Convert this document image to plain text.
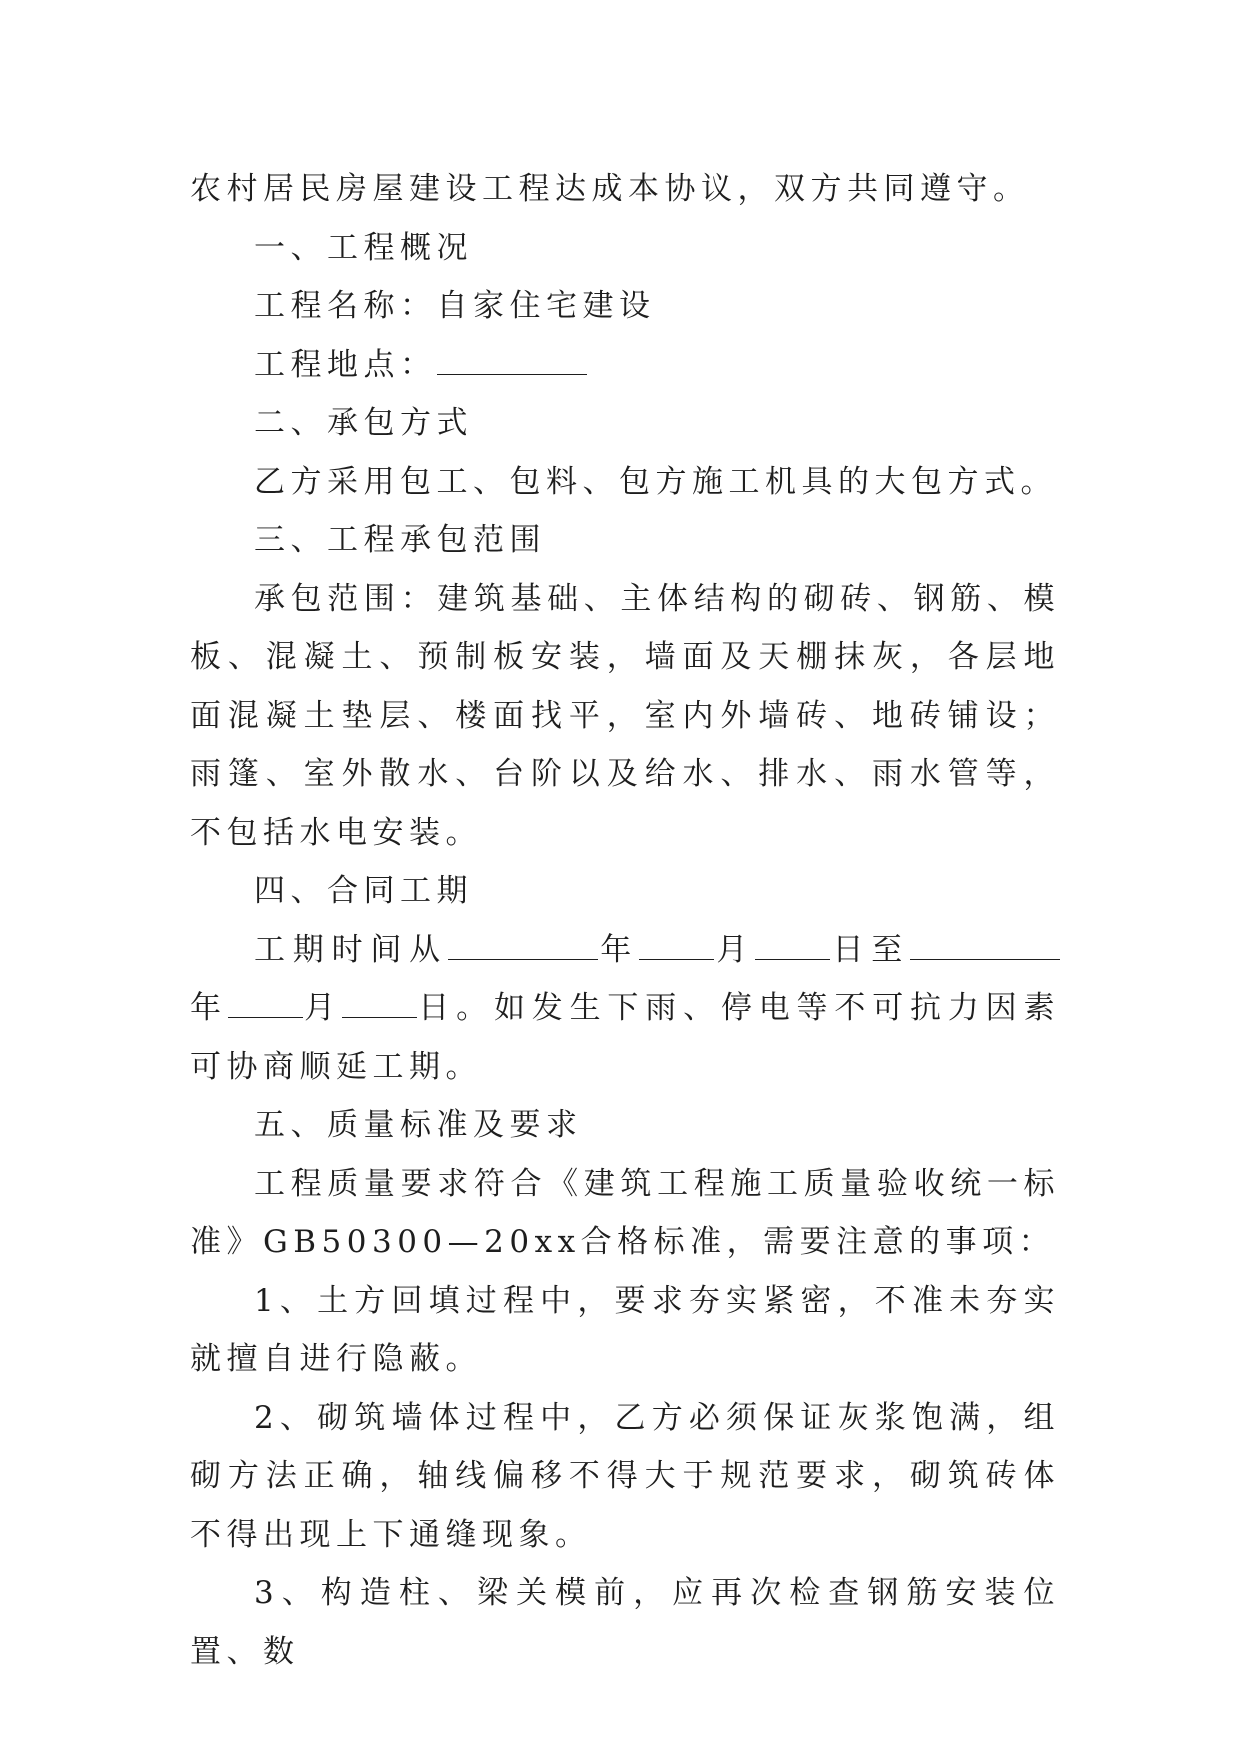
农村居民房屋建设工程达成本协议，双方共同遵守。

一、工程概况

工程名称：自家住宅建设

工程地点：

二、承包方式

乙方采用包工、包料、包方施工机具的大包方式。

三、工程承包范围

承包范围：建筑基础、主体结构的砌砖、钢筋、模板、混凝土、预制板安装，墙面及天棚抹灰，各层地面混凝土垫层、楼面找平，室内外墙砖、地砖铺设；雨篷、室外散水、台阶以及给水、排水、雨水管等，不包括水电安装。

四、合同工期

工期时间从	年 月 日至年 月 日。如发生下雨、停电等不可抗力因素可协商顺延工期。

五、质量标准及要求

工程质量要求符合《建筑工程施工质量验收统一标准》GB50300—20xx合格标准，需要注意的事项：

1、土方回填过程中，要求夯实紧密，不准未夯实就擅自进行隐蔽。

2、砌筑墙体过程中，乙方必须保证灰浆饱满，组砌方法正确，轴线偏移不得大于规范要求，砌筑砖体不得出现上下通缝现象。

3、构造柱、梁关模前，应再次检查钢筋安装位置、数
